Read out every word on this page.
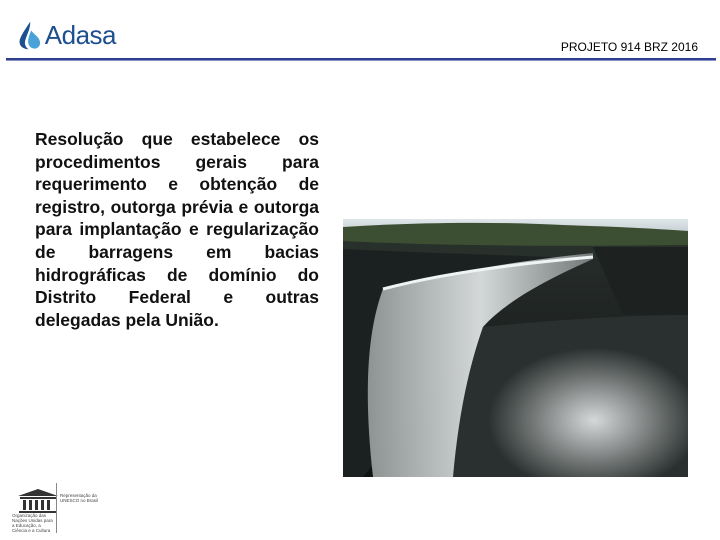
Adasa	PROJETO 914 BRZ 2016
Resolução que estabelece os procedimentos gerais para requerimento e obtenção de registro, outorga prévia e outorga para implantação e regularização de barragens em bacias hidrográficas de domínio do Distrito Federal e outras delegadas pela União.
Representação da UNESCO no Brasil
Organização das Nações Unidas para a Educação, a Ciência e a Cultura
